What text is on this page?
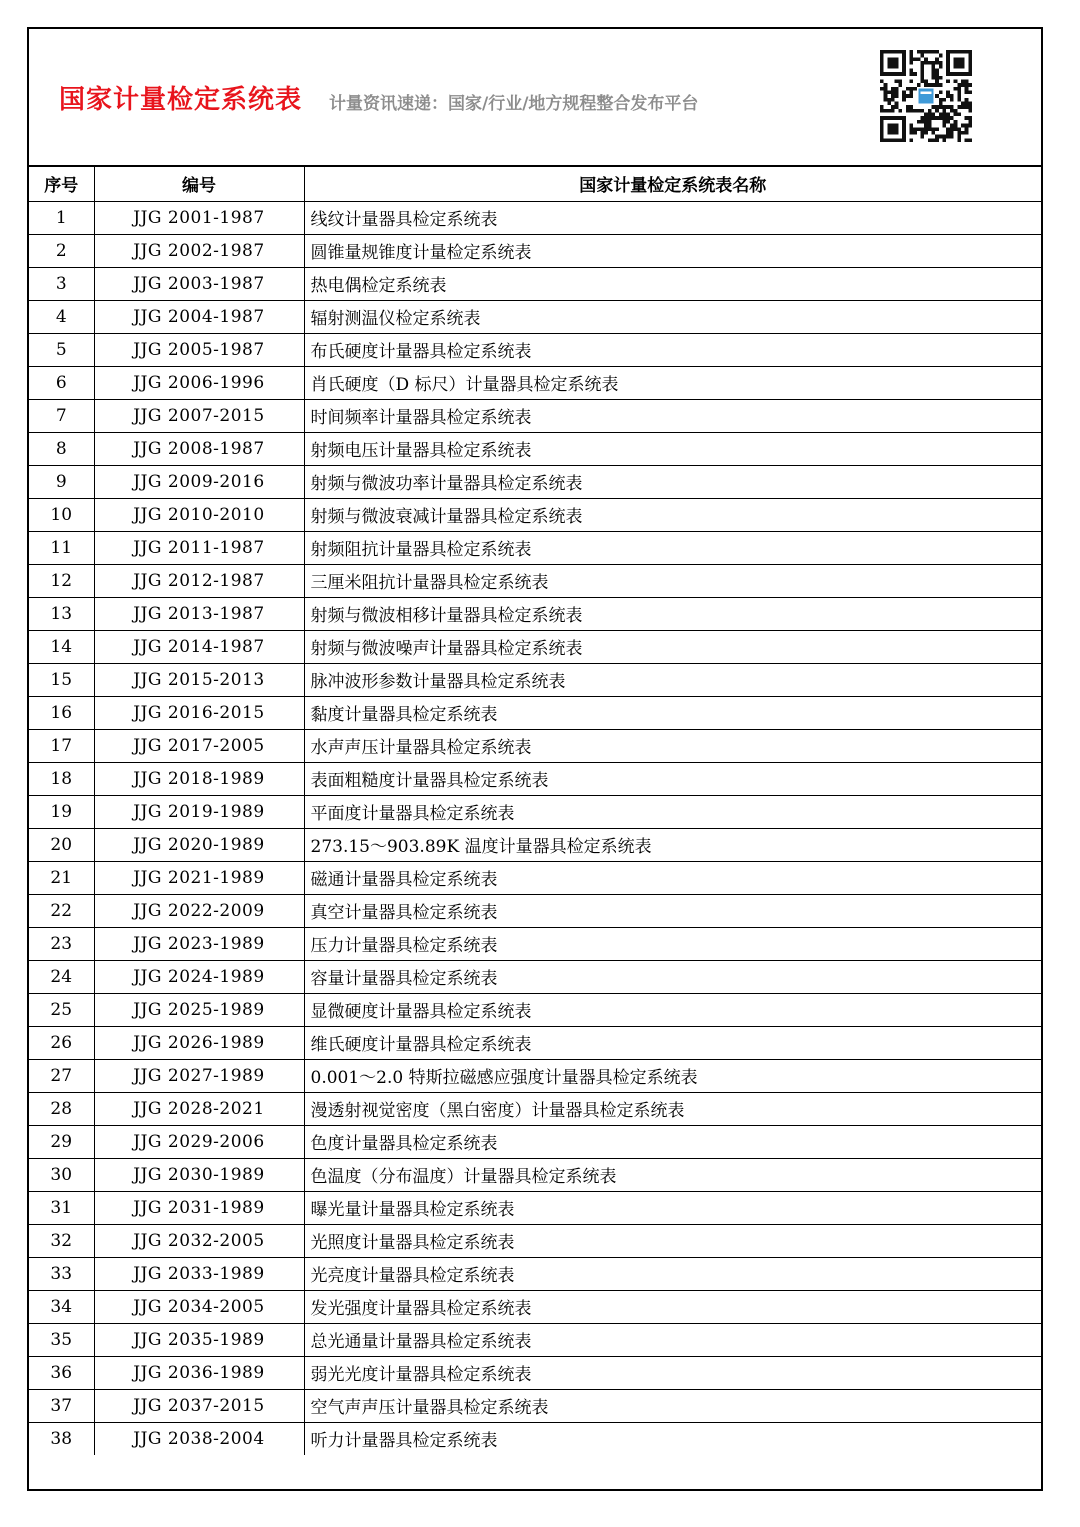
国家计量检定系统表 计量资讯速递：国家/行业/地方规程整合发布平台
序号	编号	国家计量检定系统表名称
1	JJG 2001-1987	线纹计量器具检定系统表
2	JJG 2002-1987	圆锥量规锥度计量检定系统表
3	JJG 2003-1987	热电偶检定系统表
4	JJG 2004-1987	辐射测温仪检定系统表
5	JJG 2005-1987	布氏硬度计量器具检定系统表
6	JJG 2006-1996	肖氏硬度（D 标尺）计量器具检定系统表
7	JJG 2007-2015	时间频率计量器具检定系统表
8	JJG 2008-1987	射频电压计量器具检定系统表
9	JJG 2009-2016	射频与微波功率计量器具检定系统表
10	JJG 2010-2010	射频与微波衰减计量器具检定系统表
11	JJG 2011-1987	射频阻抗计量器具检定系统表
12	JJG 2012-1987	三厘米阻抗计量器具检定系统表
13	JJG 2013-1987	射频与微波相移计量器具检定系统表
14	JJG 2014-1987	射频与微波噪声计量器具检定系统表
15	JJG 2015-2013	脉冲波形参数计量器具检定系统表
16	JJG 2016-2015	黏度计量器具检定系统表
17	JJG 2017-2005	水声声压计量器具检定系统表
18	JJG 2018-1989	表面粗糙度计量器具检定系统表
19	JJG 2019-1989	平面度计量器具检定系统表
20	JJG 2020-1989	273.15～903.89K 温度计量器具检定系统表
21	JJG 2021-1989	磁通计量器具检定系统表
22	JJG 2022-2009	真空计量器具检定系统表
23	JJG 2023-1989	压力计量器具检定系统表
24	JJG 2024-1989	容量计量器具检定系统表
25	JJG 2025-1989	显微硬度计量器具检定系统表
26	JJG 2026-1989	维氏硬度计量器具检定系统表
27	JJG 2027-1989	0.001～2.0 特斯拉磁感应强度计量器具检定系统表
28	JJG 2028-2021	漫透射视觉密度（黑白密度）计量器具检定系统表
29	JJG 2029-2006	色度计量器具检定系统表
30	JJG 2030-1989	色温度（分布温度）计量器具检定系统表
31	JJG 2031-1989	曝光量计量器具检定系统表
32	JJG 2032-2005	光照度计量器具检定系统表
33	JJG 2033-1989	光亮度计量器具检定系统表
34	JJG 2034-2005	发光强度计量器具检定系统表
35	JJG 2035-1989	总光通量计量器具检定系统表
36	JJG 2036-1989	弱光光度计量器具检定系统表
37	JJG 2037-2015	空气声声压计量器具检定系统表
38	JJG 2038-2004	听力计量器具检定系统表
